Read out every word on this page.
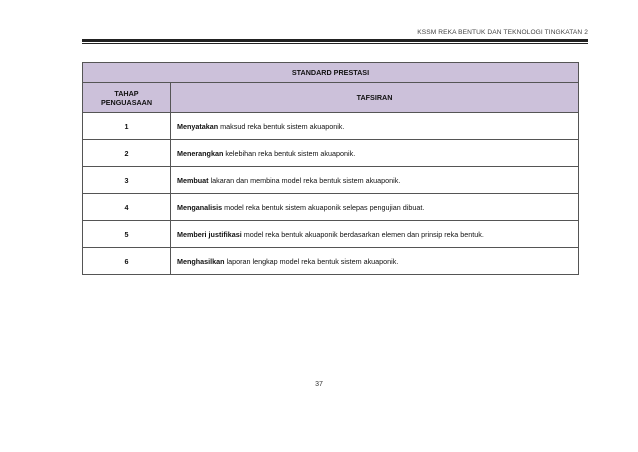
KSSM REKA BENTUK DAN TEKNOLOGI TINGKATAN 2
STANDARD PRESTASI	
TAHAP
PENGUASAAN	TAFSIRAN
1	Menyatakan maksud reka bentuk sistem akuaponik.
2	Menerangkan kelebihan reka bentuk sistem akuaponik.
3	Membuat lakaran dan membina model reka bentuk sistem akuaponik.
4	Menganalisis model reka bentuk sistem akuaponik selepas pengujian dibuat.
5	Memberi justifikasi model reka bentuk akuaponik berdasarkan elemen dan prinsip reka bentuk.
6	Menghasilkan laporan lengkap model reka bentuk sistem akuaponik.
37
